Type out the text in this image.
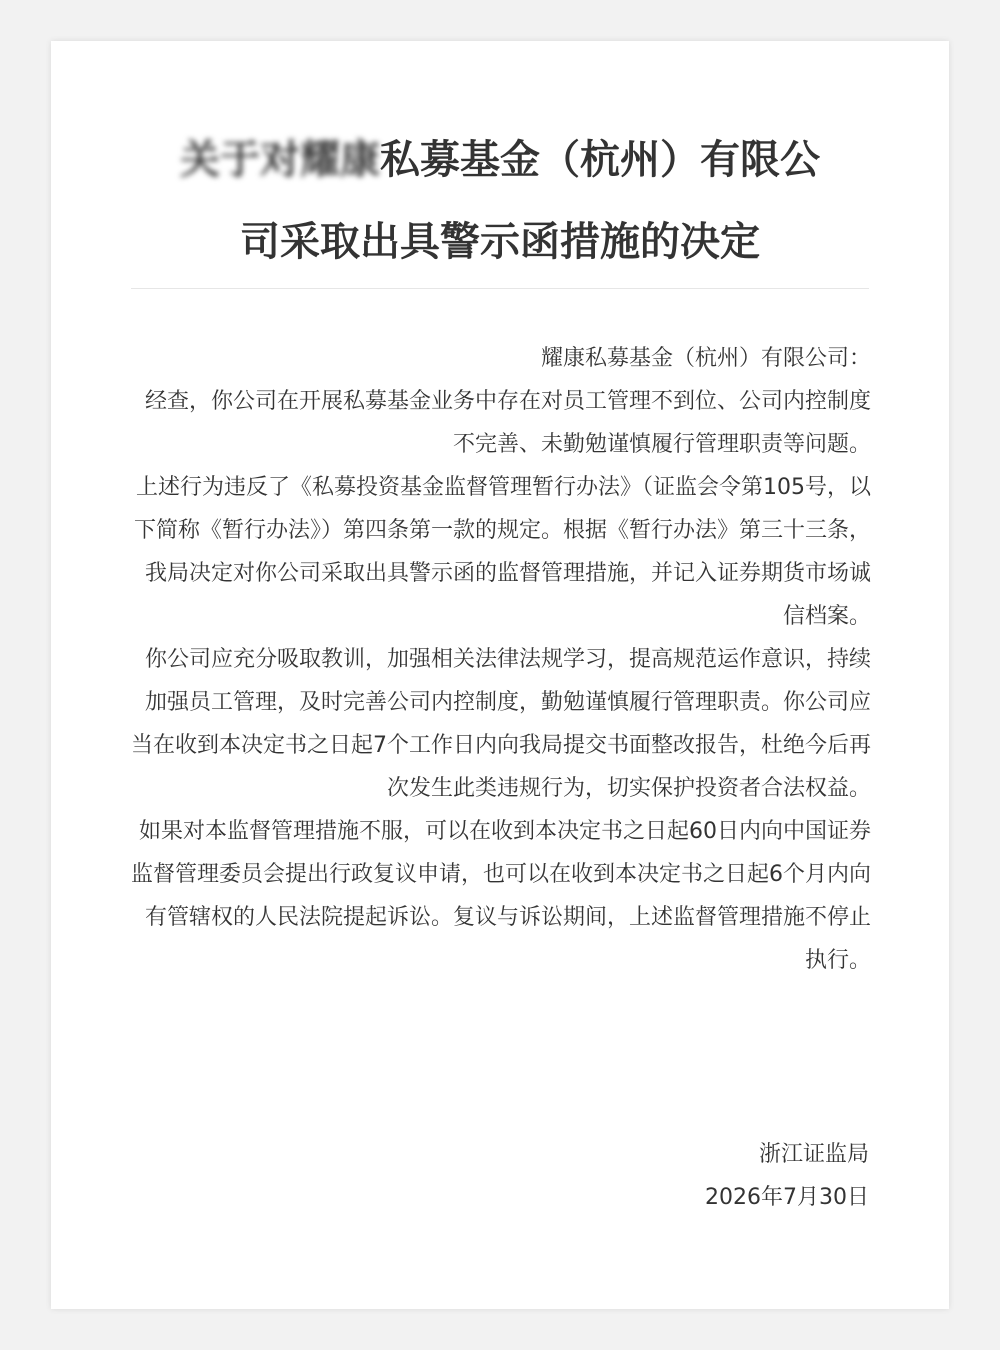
关于对耀康私募基金（杭州）有限公
司采取出具警示函措施的决定

耀康私募基金（杭州）有限公司：

经查，你公司在开展私募基金业务中存在对员工管理不到位、公司内控制度不完善、未勤勉谨慎履行管理职责等问题。

上述行为违反了《私募投资基金监督管理暂行办法》（证监会令第105号，以下简称《暂行办法》）第四条第一款的规定。根据《暂行办法》第三十三条，我局决定对你公司采取出具警示函的监督管理措施，并记入证券期货市场诚信档案。

你公司应充分吸取教训，加强相关法律法规学习，提高规范运作意识，持续加强员工管理，及时完善公司内控制度，勤勉谨慎履行管理职责。你公司应当在收到本决定书之日起7个工作日内向我局提交书面整改报告，杜绝今后再次发生此类违规行为，切实保护投资者合法权益。

如果对本监督管理措施不服，可以在收到本决定书之日起60日内向中国证券监督管理委员会提出行政复议申请，也可以在收到本决定书之日起6个月内向有管辖权的人民法院提起诉讼。复议与诉讼期间，上述监督管理措施不停止执行。

浙江证监局
2026年7月30日
